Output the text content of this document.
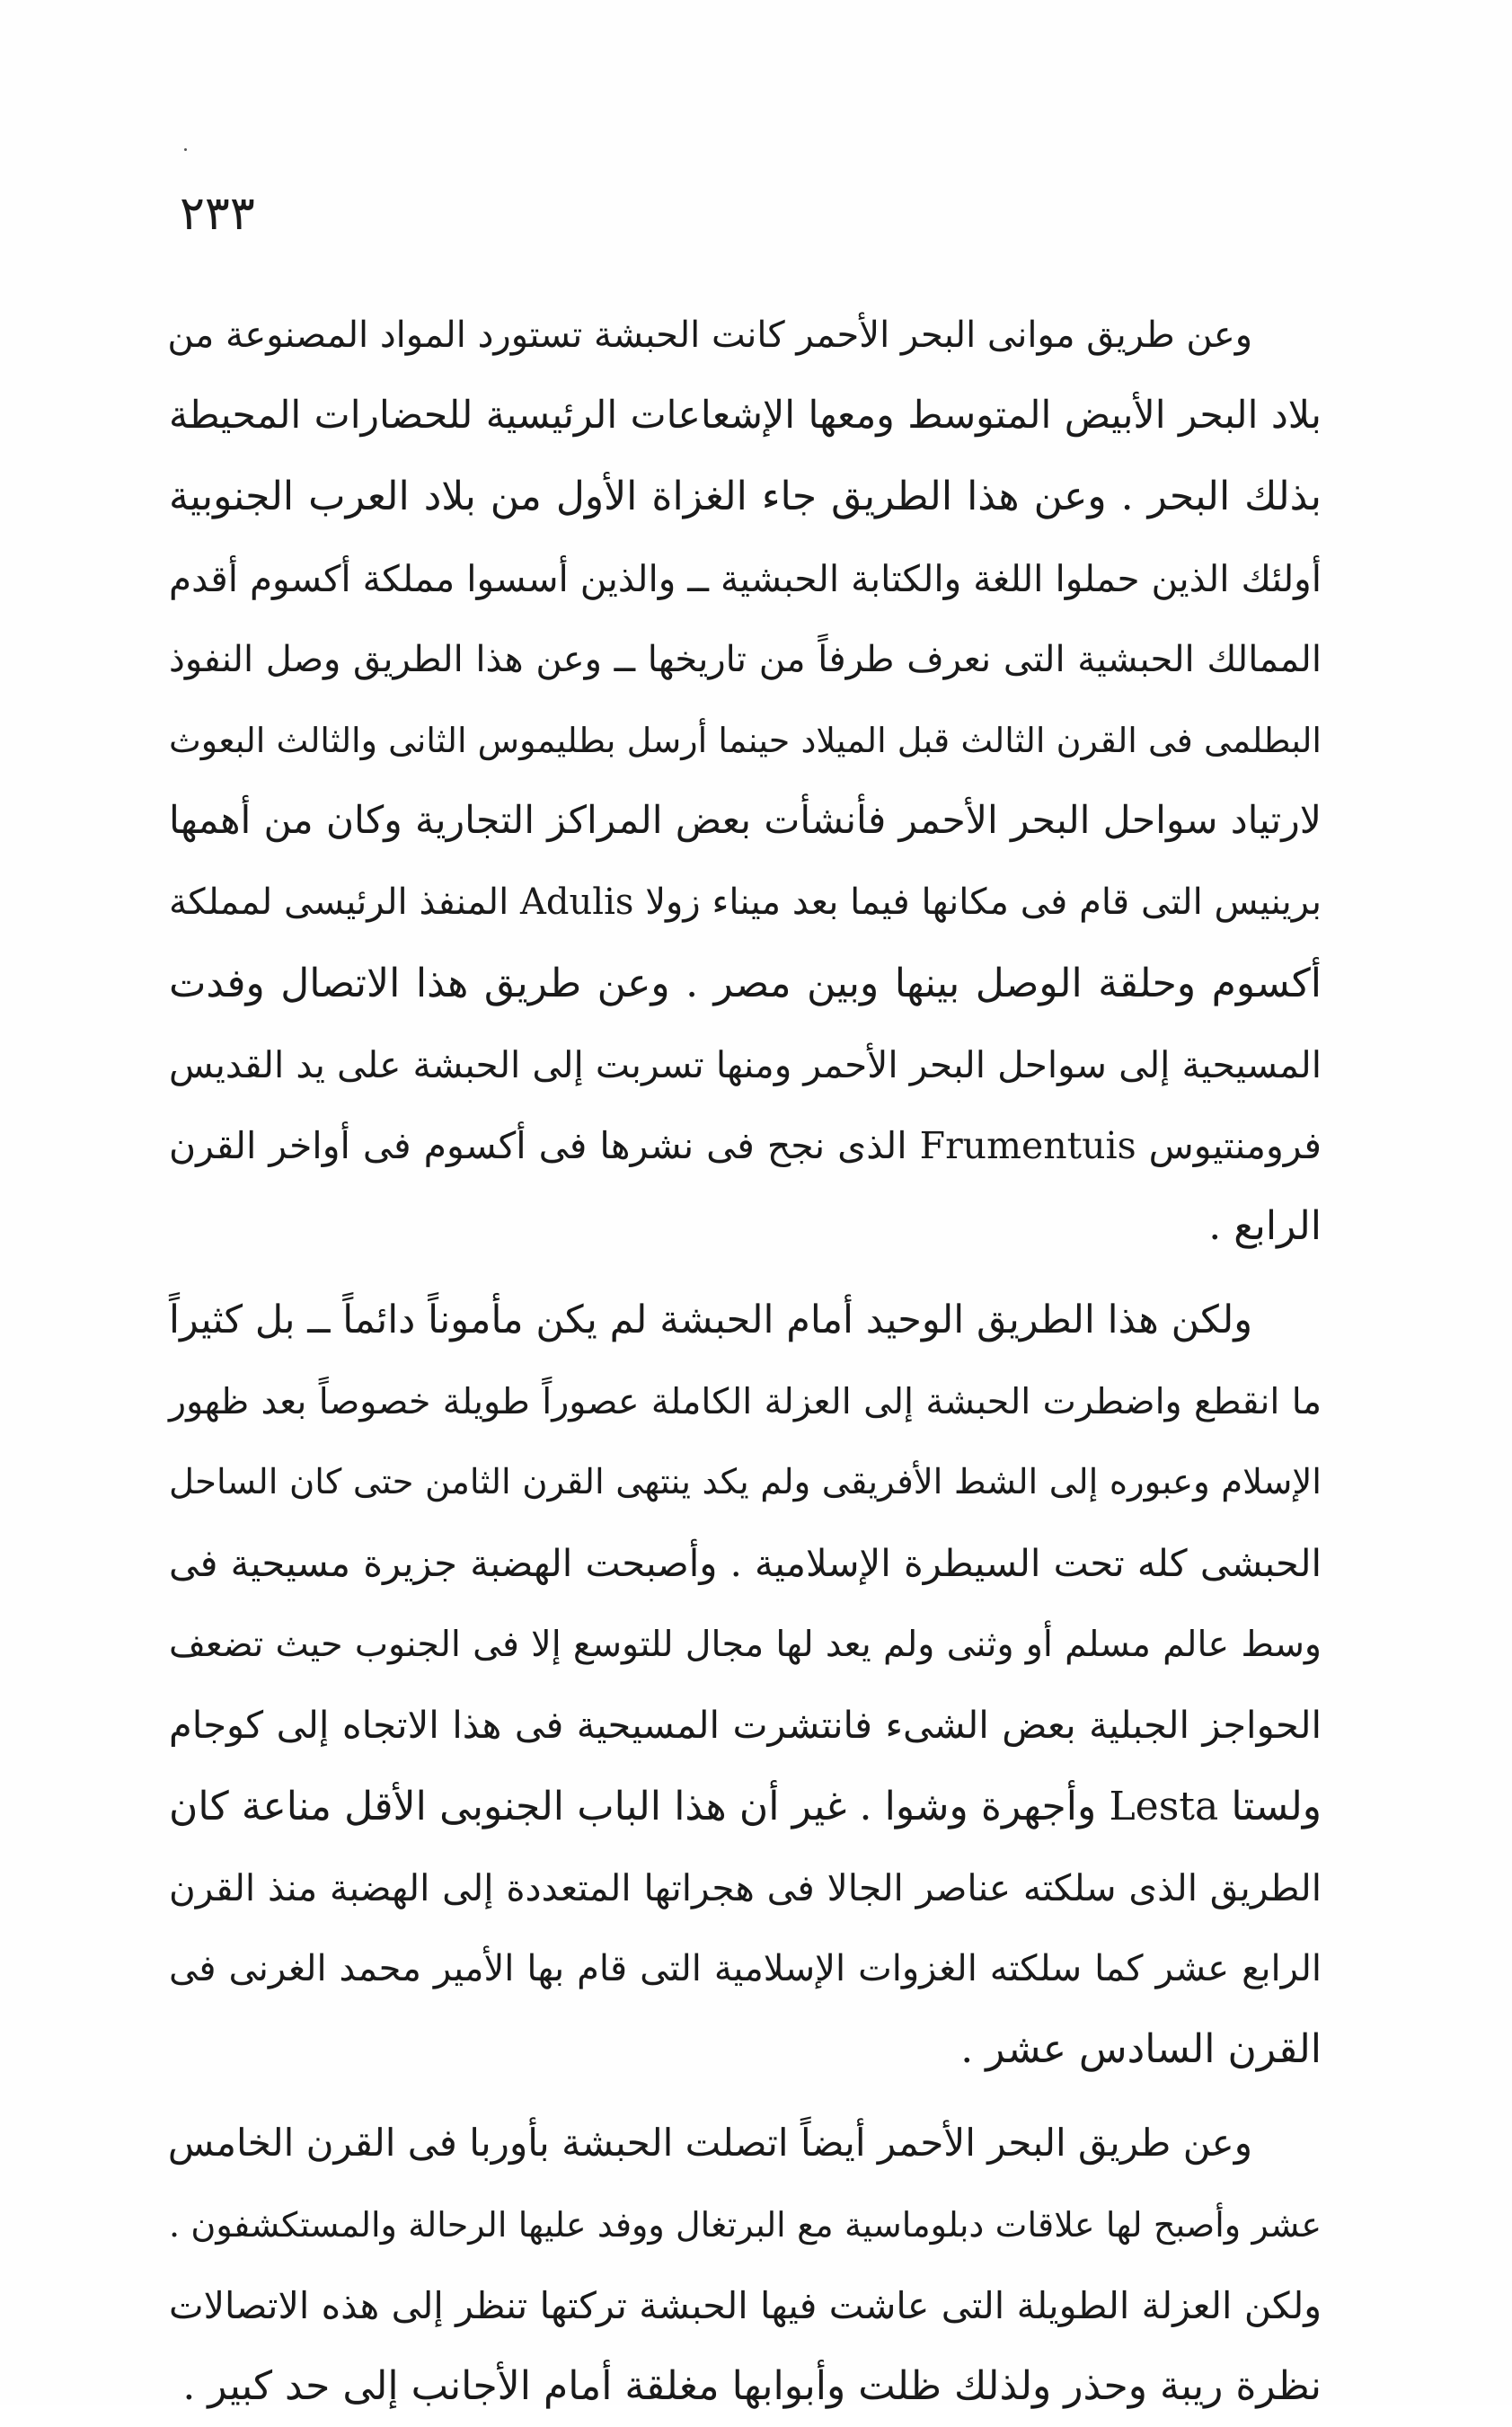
٢٣٣

وعن طريق موانى البحر الأحمر كانت الحبشة تستورد المواد المصنوعة من
بلاد البحر الأبيض المتوسط ومعها الإشعاعات الرئيسية للحضارات المحيطة
بذلك البحر . وعن هذا الطريق جاء الغزاة الأول من بلاد العرب الجنوبية
أولئك الذين حملوا اللغة والكتابة الحبشية ــ والذين أسسوا مملكة أكسوم أقدم
الممالك الحبشية التى نعرف طرفاً من تاريخها ــ وعن هذا الطريق وصل النفوذ
البطلمى فى القرن الثالث قبل الميلاد حينما أرسل بطليموس الثانى والثالث البعوث
لارتياد سواحل البحر الأحمر فأنشأت بعض المراكز التجارية وكان من أهمها
برينيس التى قام فى مكانها فيما بعد ميناء زولا Adulis المنفذ الرئيسى لمملكة
أكسوم وحلقة الوصل بينها وبين مصر . وعن طريق هذا الاتصال وفدت
المسيحية إلى سواحل البحر الأحمر ومنها تسربت إلى الحبشة على يد القديس
فرومنتيوس Frumentuis الذى نجح فى نشرها فى أكسوم فى أواخر القرن
الرابع .

ولكن هذا الطريق الوحيد أمام الحبشة لم يكن مأموناً دائماً ــ بل كثيراً
ما انقطع واضطرت الحبشة إلى العزلة الكاملة عصوراً طويلة خصوصاً بعد ظهور
الإسلام وعبوره إلى الشط الأفريقى ولم يكد ينتهى القرن الثامن حتى كان الساحل
الحبشى كله تحت السيطرة الإسلامية . وأصبحت الهضبة جزيرة مسيحية فى
وسط عالم مسلم أو وثنى ولم يعد لها مجال للتوسع إلا فى الجنوب حيث تضعف
الحواجز الجبلية بعض الشىء فانتشرت المسيحية فى هذا الاتجاه إلى كوجام
ولستا Lesta وأجهرة وشوا . غير أن هذا الباب الجنوبى الأقل مناعة كان
الطريق الذى سلكته عناصر الجالا فى هجراتها المتعددة إلى الهضبة منذ القرن
الرابع عشر كما سلكته الغزوات الإسلامية التى قام بها الأمير محمد الغرنى فى
القرن السادس عشر .

وعن طريق البحر الأحمر أيضاً اتصلت الحبشة بأوربا فى القرن الخامس
عشر وأصبح لها علاقات دبلوماسية مع البرتغال ووفد عليها الرحالة والمستكشفون .
ولكن العزلة الطويلة التى عاشت فيها الحبشة تركتها تنظر إلى هذه الاتصالات
نظرة ريبة وحذر ولذلك ظلت وأبوابها مغلقة أمام الأجانب إلى حد كبير .
